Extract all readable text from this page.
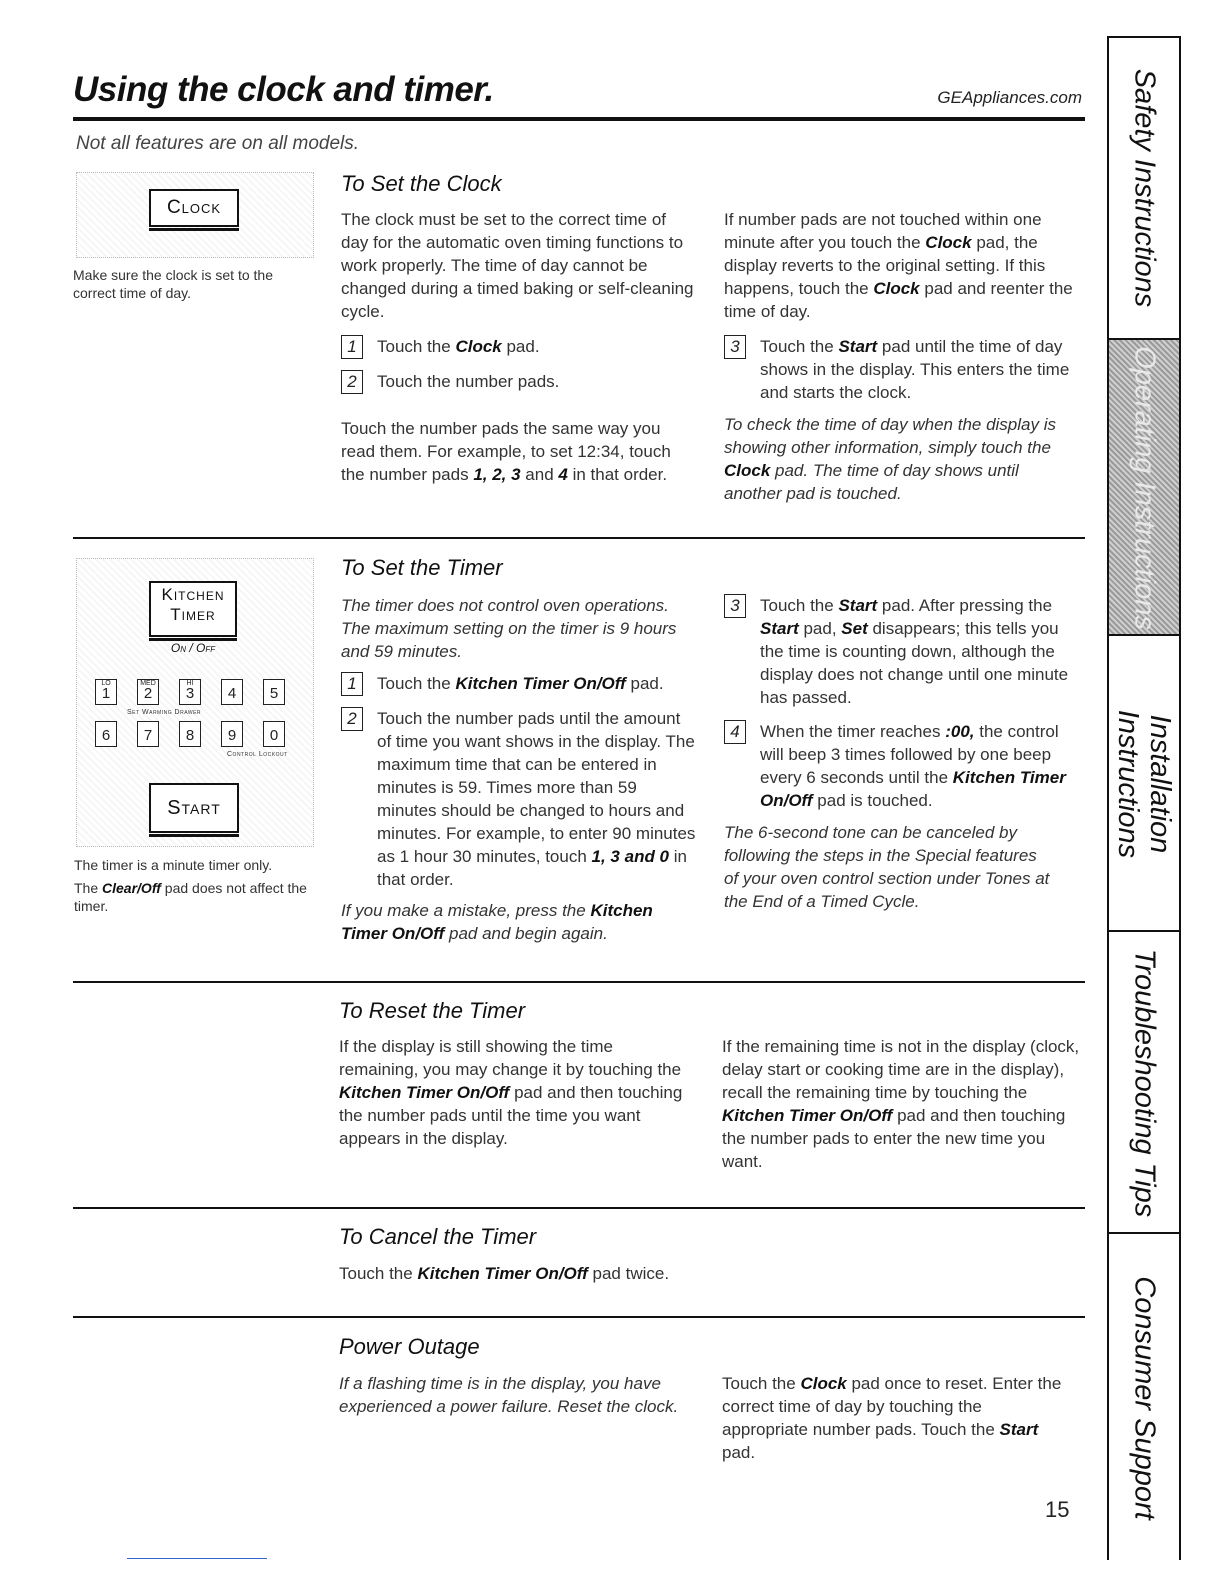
Using the clock and timer.	GEAppliances.com
Not all features are on all models.
Clock
Make sure the clock is set to the correct time of day.
To Set the Clock
The clock must be set to the correct time of day for the automatic oven timing functions to work properly. The time of day cannot be changed during a timed baking or self-cleaning cycle.
1	Touch the Clock pad.
2	Touch the number pads.
Touch the number pads the same way you read them. For example, to set 12:34, touch the number pads 1, 2, 3 and 4 in that order.
If number pads are not touched within one minute after you touch the Clock pad, the display reverts to the original setting. If this happens, touch the Clock pad and reenter the time of day.
3	Touch the Start pad until the time of day shows in the display. This enters the time and starts the clock.
To check the time of day when the display is showing other information, simply touch the Clock pad. The time of day shows until another pad is touched.
Kitchen
Timer
On / Off
LO
1
MED
2
HI
3	4	5
Set Warming Drawer
6	7	8	9	0
Control Lockout
Start
The timer is a minute timer only.
The Clear/Off pad does not affect the timer.
To Set the Timer
The timer does not control oven operations. The maximum setting on the timer is 9 hours and 59 minutes.
1	Touch the Kitchen Timer On/Off pad.
2	Touch the number pads until the amount of time you want shows in the display. The maximum time that can be entered in minutes is 59. Times more than 59 minutes should be changed to hours and minutes. For example, to enter 90 minutes as 1 hour 30 minutes, touch 1, 3 and 0 in that order.
If you make a mistake, press the Kitchen Timer On/Off pad and begin again.
3	Touch the Start pad. After pressing the Start pad, Set disappears; this tells you the time is counting down, although the display does not change until one minute has passed.
4	When the timer reaches :00, the control will beep 3 times followed by one beep every 6 seconds until the Kitchen Timer On/Off pad is touched.
The 6-second tone can be canceled by following the steps in the Special features of your oven control section under Tones at the End of a Timed Cycle.
To Reset the Timer
If the display is still showing the time remaining, you may change it by touching the Kitchen Timer On/Off pad and then touching the number pads until the time you want appears in the display.
If the remaining time is not in the display (clock, delay start or cooking time are in the display), recall the remaining time by touching the Kitchen Timer On/Off pad and then touching the number pads to enter the new time you want.
To Cancel the Timer
Touch the Kitchen Timer On/Off pad twice.
Power Outage
If a flashing time is in the display, you have experienced a power failure. Reset the clock.
Touch the Clock pad once to reset. Enter the correct time of day by touching the appropriate number pads. Touch the Start pad.
15
Safety Instructions
Operating Instructions
Installation Instructions
Troubleshooting Tips
Consumer Support
